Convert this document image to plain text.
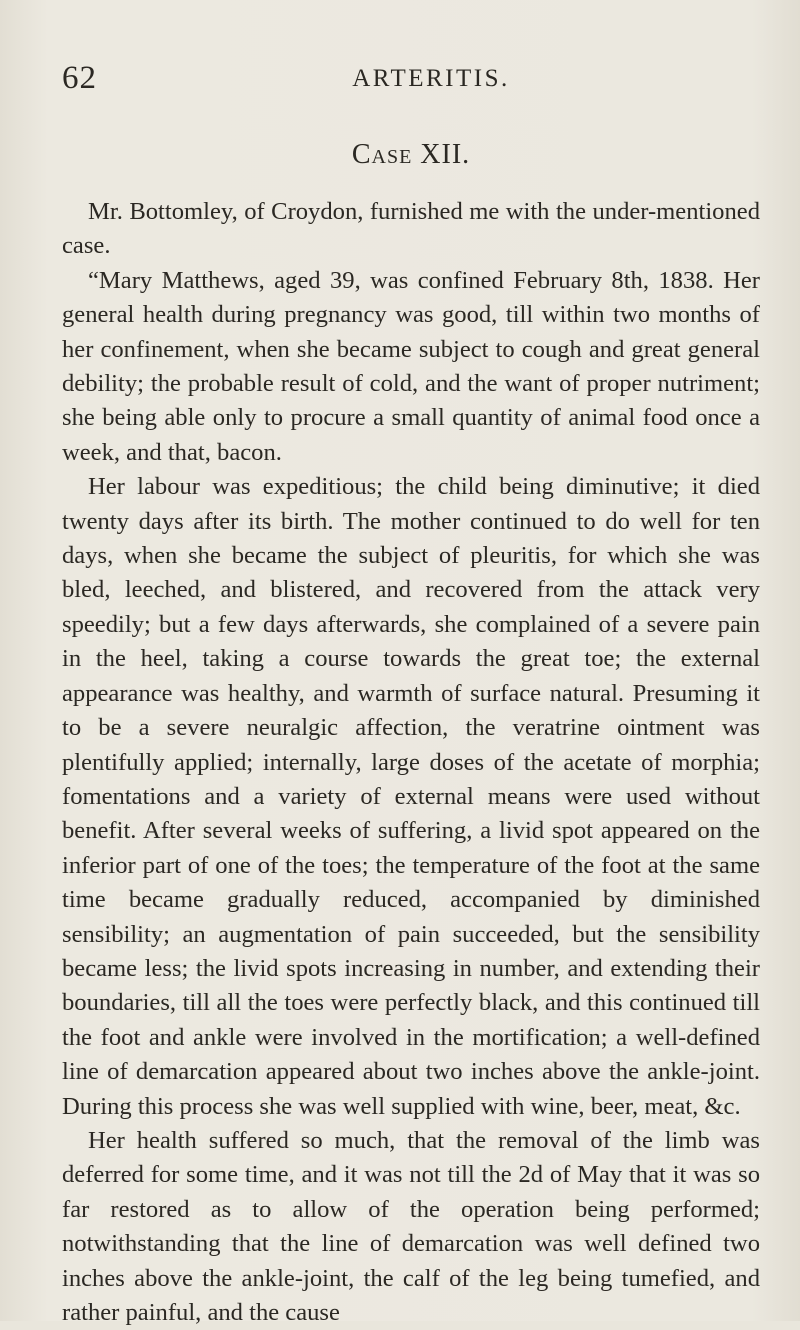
62	ARTERITIS.
Case XII.

Mr. Bottomley, of Croydon, furnished me with the under-mentioned case.

“Mary Matthews, aged 39, was confined February 8th, 1838. Her general health during pregnancy was good, till within two months of her confinement, when she became subject to cough and great general debility; the probable result of cold, and the want of proper nutriment; she being able only to procure a small quantity of animal food once a week, and that, bacon.

Her labour was expeditious; the child being diminutive; it died twenty days after its birth. The mother continued to do well for ten days, when she became the subject of pleuritis, for which she was bled, leeched, and blistered, and recovered from the attack very speedily; but a few days afterwards, she complained of a severe pain in the heel, taking a course towards the great toe; the external appearance was healthy, and warmth of surface natural. Presuming it to be a severe neuralgic affection, the veratrine ointment was plentifully applied; internally, large doses of the acetate of morphia; fomentations and a variety of external means were used without benefit. After several weeks of suffering, a livid spot appeared on the inferior part of one of the toes; the temperature of the foot at the same time became gradually reduced, accompanied by diminished sensibility; an augmentation of pain succeeded, but the sensibility became less; the livid spots increasing in number, and extending their boundaries, till all the toes were perfectly black, and this continued till the foot and ankle were involved in the mortification; a well-defined line of demarcation appeared about two inches above the ankle-joint. During this process she was well supplied with wine, beer, meat, &c.

Her health suffered so much, that the removal of the limb was deferred for some time, and it was not till the 2d of May that it was so far restored as to allow of the operation being performed; notwithstanding that the line of demarcation was well defined two inches above the ankle-joint, the calf of the leg being tumefied, and rather painful, and the cause
